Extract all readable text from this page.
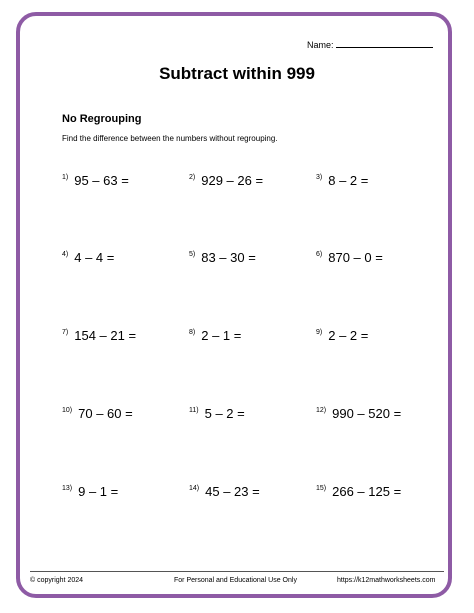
Name:
Subtract within 999
No Regrouping
Find the difference between the numbers without regrouping.
1) 95 – 63 =	2) 929 – 26 =	3) 8 – 2 =
4) 4 – 4 =	5) 83 – 30 =	6) 870 – 0 =
7) 154 – 21 =	8) 2 – 1 =	9) 2 – 2 =
10) 70 – 60 =	11) 5 – 2 =	12) 990 – 520 =
13) 9 – 1 =	14) 45 – 23 =	15) 266 – 125 =
© copyright 2024	For Personal and Educational Use Only	https://k12mathworksheets.com
